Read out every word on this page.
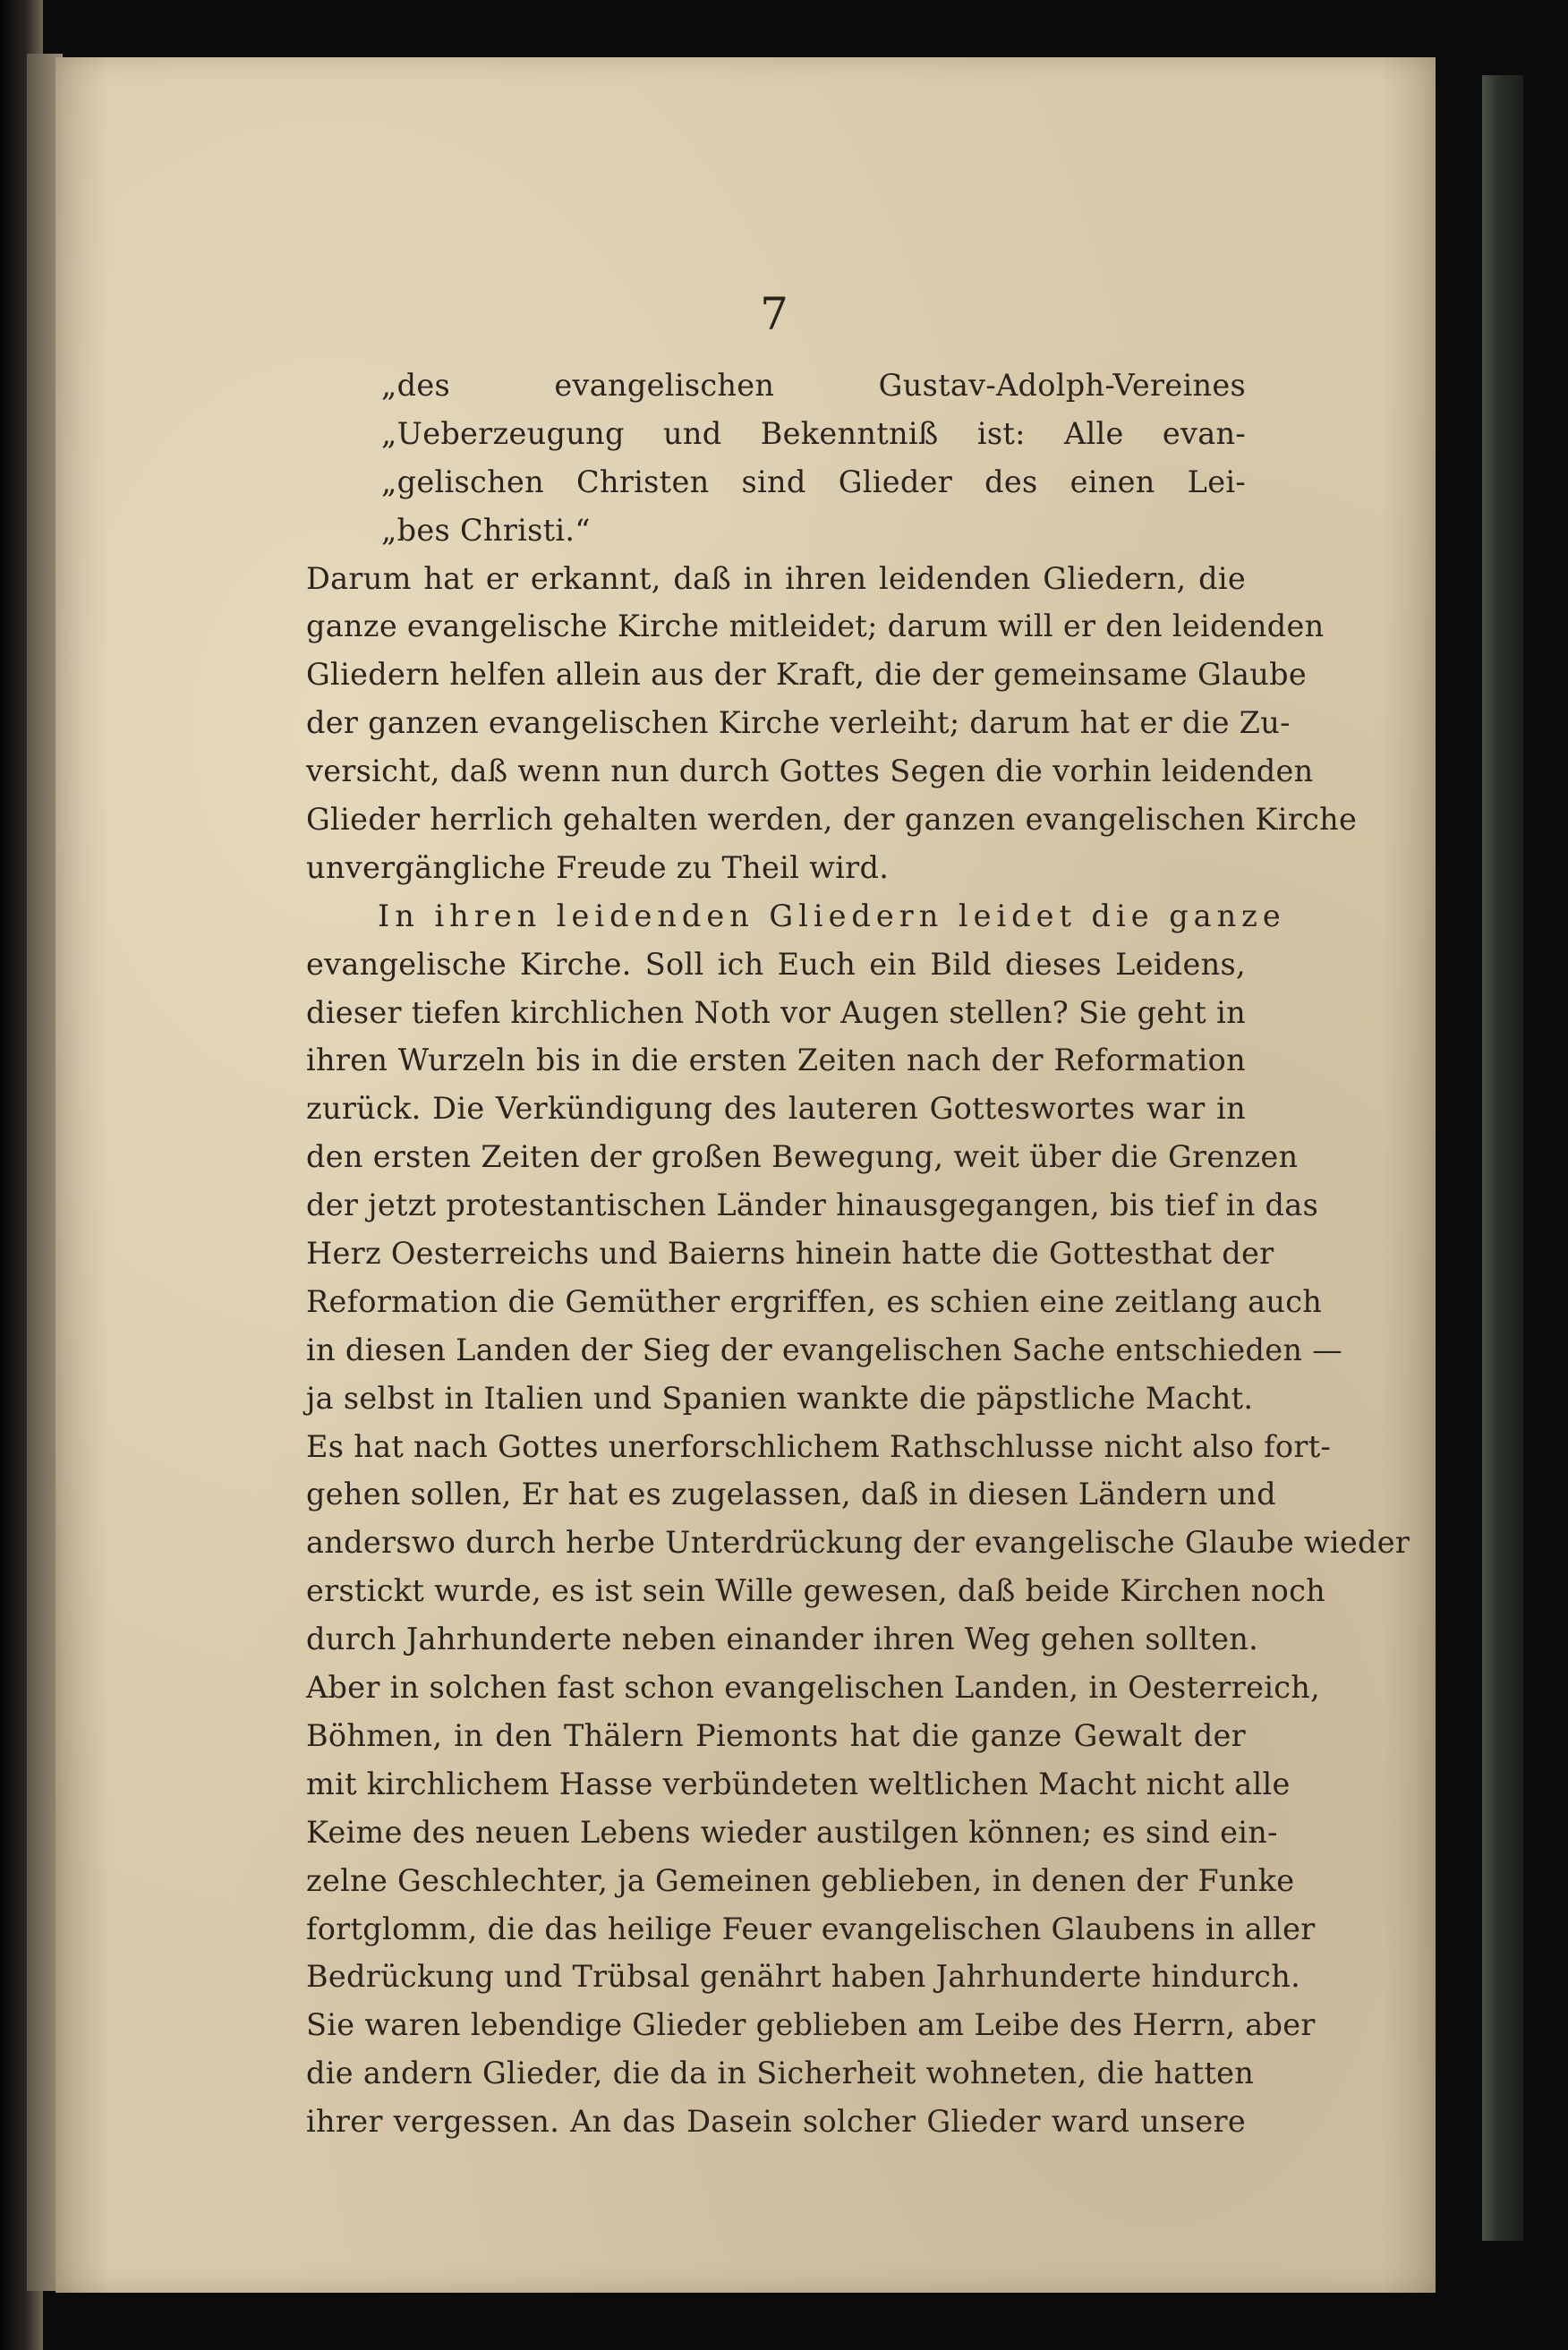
7
„des evangelischen Gustav-Adolph-Vereines
„Ueberzeugung und Bekenntniß ist: Alle evan-
„gelischen Christen sind Glieder des einen Lei-
„bes Christi.“
Darum hat er erkannt, daß in ihren leidenden Gliedern, die
ganze evangelische Kirche mitleidet; darum will er den leidenden
Gliedern helfen allein aus der Kraft, die der gemeinsame Glaube
der ganzen evangelischen Kirche verleiht; darum hat er die Zu-
versicht, daß wenn nun durch Gottes Segen die vorhin leidenden
Glieder herrlich gehalten werden, der ganzen evangelischen Kirche
unvergängliche Freude zu Theil wird.
In ihren leidenden Gliedern leidet die ganze
evangelische Kirche. Soll ich Euch ein Bild dieses Leidens,
dieser tiefen kirchlichen Noth vor Augen stellen? Sie geht in
ihren Wurzeln bis in die ersten Zeiten nach der Reformation
zurück. Die Verkündigung des lauteren Gotteswortes war in
den ersten Zeiten der großen Bewegung, weit über die Grenzen
der jetzt protestantischen Länder hinausgegangen, bis tief in das
Herz Oesterreichs und Baierns hinein hatte die Gottesthat der
Reformation die Gemüther ergriffen, es schien eine zeitlang auch
in diesen Landen der Sieg der evangelischen Sache entschieden —
ja selbst in Italien und Spanien wankte die päpstliche Macht.
Es hat nach Gottes unerforschlichem Rathschlusse nicht also fort-
gehen sollen, Er hat es zugelassen, daß in diesen Ländern und
anderswo durch herbe Unterdrückung der evangelische Glaube wieder
erstickt wurde, es ist sein Wille gewesen, daß beide Kirchen noch
durch Jahrhunderte neben einander ihren Weg gehen sollten.
Aber in solchen fast schon evangelischen Landen, in Oesterreich,
Böhmen, in den Thälern Piemonts hat die ganze Gewalt der
mit kirchlichem Hasse verbündeten weltlichen Macht nicht alle
Keime des neuen Lebens wieder austilgen können; es sind ein-
zelne Geschlechter, ja Gemeinen geblieben, in denen der Funke
fortglomm, die das heilige Feuer evangelischen Glaubens in aller
Bedrückung und Trübsal genährt haben Jahrhunderte hindurch.
Sie waren lebendige Glieder geblieben am Leibe des Herrn, aber
die andern Glieder, die da in Sicherheit wohneten, die hatten
ihrer vergessen. An das Dasein solcher Glieder ward unsere
